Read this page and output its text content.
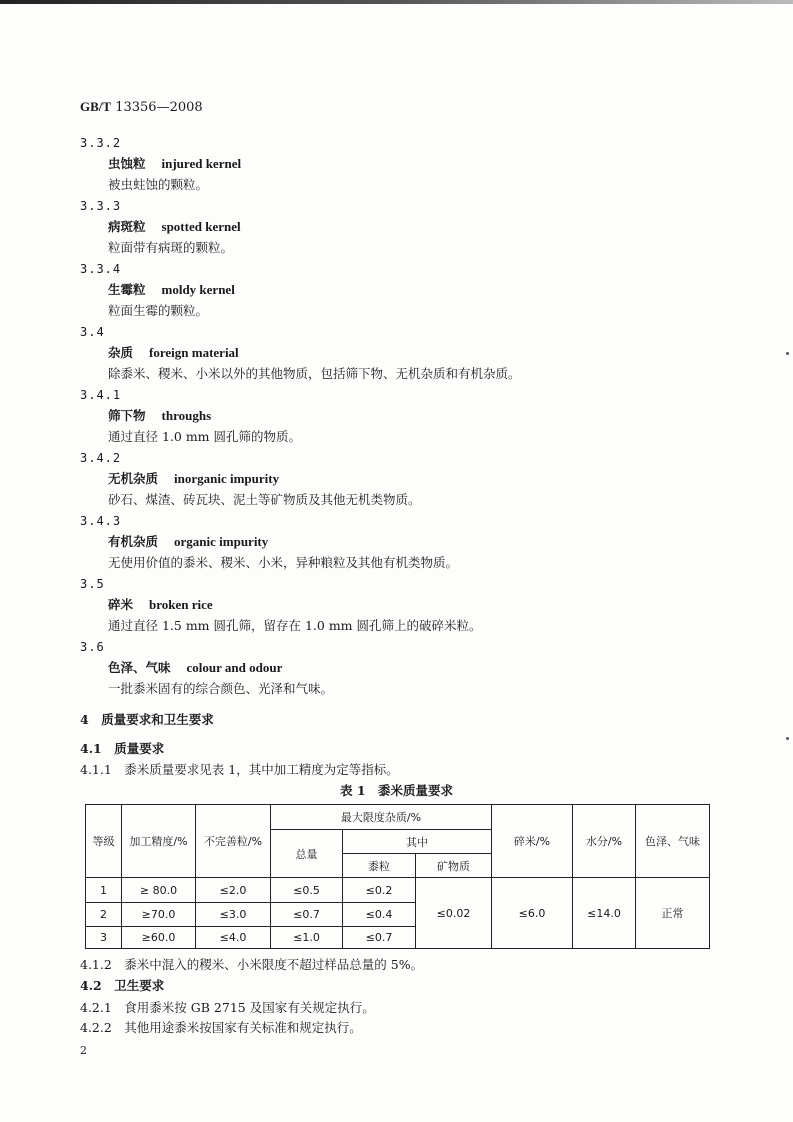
GB/T 13356—2008
3.3.2
虫蚀粒 injured kernel
被虫蛀蚀的颗粒。
3.3.3
病斑粒 spotted kernel
粒面带有病斑的颗粒。
3.3.4
生霉粒 moldy kernel
粒面生霉的颗粒。
3.4
杂质 foreign material
除黍米、稷米、小米以外的其他物质，包括筛下物、无机杂质和有机杂质。
3.4.1
筛下物 throughs
通过直径 1.0 mm 圆孔筛的物质。
3.4.2
无机杂质 inorganic impurity
砂石、煤渣、砖瓦块、泥土等矿物质及其他无机类物质。
3.4.3
有机杂质 organic impurity
无使用价值的黍米、稷米、小米，异种粮粒及其他有机类物质。
3.5
碎米 broken rice
通过直径 1.5 mm 圆孔筛，留存在 1.0 mm 圆孔筛上的破碎米粒。
3.6
色泽、气味 colour and odour
一批黍米固有的综合颜色、光泽和气味。
4　质量要求和卫生要求
4.1　质量要求
4.1.1　黍米质量要求见表 1，其中加工精度为定等指标。
表 1　黍米质量要求
等级	加工精度/%	不完善粒/%	最大限度杂质/%			碎米/%	水分/%	色泽、气味
			总量	其中				
				黍粒	矿物质			
1	≥ 80.0	≤2.0	≤0.5	≤0.2	≤0.02	≤6.0	≤14.0	正常
2	≥70.0	≤3.0	≤0.7	≤0.4				
3	≥60.0	≤4.0	≤1.0	≤0.7				
4.1.2　黍米中混入的稷米、小米限度不超过样品总量的 5%。
4.2　卫生要求
4.2.1　食用黍米按 GB 2715 及国家有关规定执行。
4.2.2　其他用途黍米按国家有关标准和规定执行。
2
